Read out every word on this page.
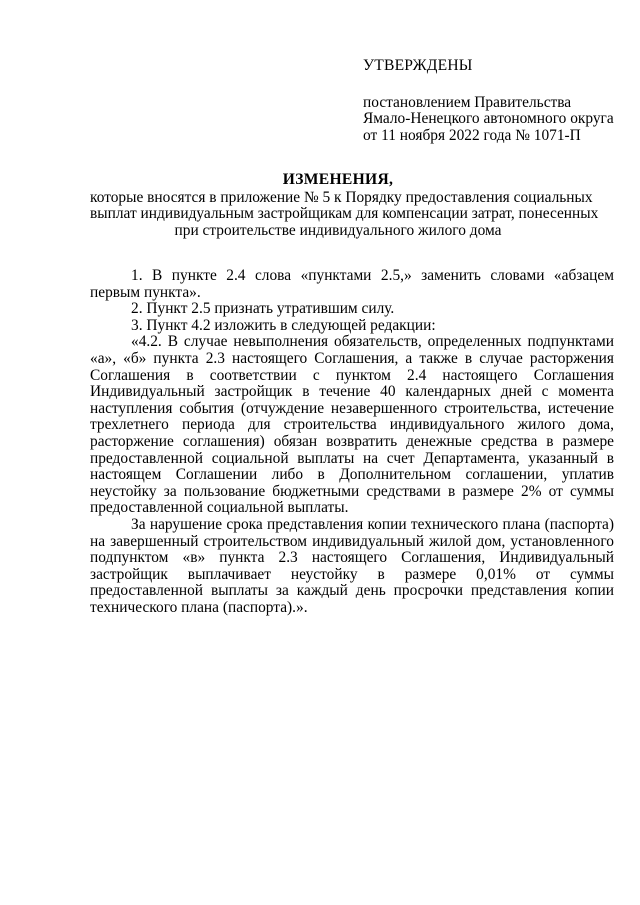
УТВЕРЖДЕНЫ
постановлением Правительства
Ямало-Ненецкого автономного округа
от 11 ноября 2022 года № 1071-П
ИЗМЕНЕНИЯ,
которые вносятся в приложение № 5 к Порядку предоставления социальных
выплат индивидуальным застройщикам для компенсации затрат, понесенных
при строительстве индивидуального жилого дома

1. В пункте 2.4 слова «пунктами 2.5,» заменить словами «абзацем первым пункта».

2. Пункт 2.5 признать утратившим силу.

3. Пункт 4.2 изложить в следующей редакции:

«4.2. В случае невыполнения обязательств, определенных подпунктами «а», «б» пункта 2.3 настоящего Соглашения, а также в случае расторжения Соглашения в соответствии с пунктом 2.4 настоящего Соглашения Индивидуальный застройщик в течение 40 календарных дней с момента наступления события (отчуждение незавершенного строительства, истечение трехлетнего периода для строительства индивидуального жилого дома, расторжение соглашения) обязан возвратить денежные средства в размере предоставленной социальной выплаты на счет Департамента, указанный в настоящем Соглашении либо в Дополнительном соглашении, уплатив неустойку за пользование бюджетными средствами в размере 2% от суммы предоставленной социальной выплаты.

За нарушение срока представления копии технического плана (паспорта) на завершенный строительством индивидуальный жилой дом, установленного подпунктом «в» пункта 2.3 настоящего Соглашения, Индивидуальный застройщик выплачивает неустойку в размере 0,01% от суммы предоставленной выплаты за каждый день просрочки представления копии технического плана (паспорта).».
